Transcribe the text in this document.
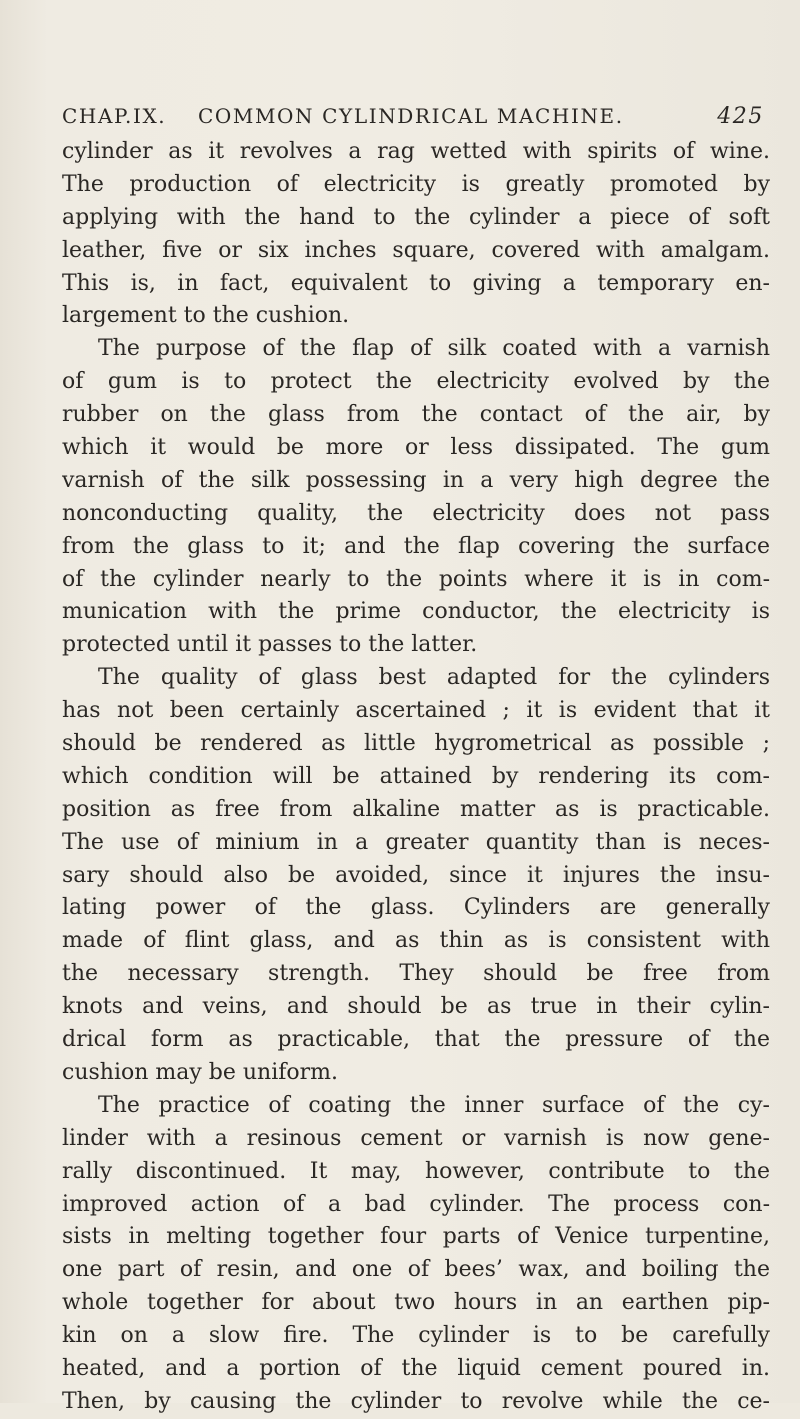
CHAP.IX. COMMON CYLINDRICAL MACHINE.	425
cylinder as it revolves a rag wetted with spirits of wine.
The production of electricity is greatly promoted by
applying with the hand to the cylinder a piece of soft
leather, five or six inches square, covered with amalgam.
This is, in fact, equivalent to giving a temporary en-
largement to the cushion.
The purpose of the flap of silk coated with a varnish
of gum is to protect the electricity evolved by the
rubber on the glass from the contact of the air, by
which it would be more or less dissipated. The gum
varnish of the silk possessing in a very high degree the
nonconducting quality, the electricity does not pass
from the glass to it; and the flap covering the surface
of the cylinder nearly to the points where it is in com-
munication with the prime conductor, the electricity is
protected until it passes to the latter.
The quality of glass best adapted for the cylinders
has not been certainly ascertained ; it is evident that it
should be rendered as little hygrometrical as possible ;
which condition will be attained by rendering its com-
position as free from alkaline matter as is practicable.
The use of minium in a greater quantity than is neces-
sary should also be avoided, since it injures the insu-
lating power of the glass. Cylinders are generally
made of flint glass, and as thin as is consistent with
the necessary strength. They should be free from
knots and veins, and should be as true in their cylin-
drical form as practicable, that the pressure of the
cushion may be uniform.
The practice of coating the inner surface of the cy-
linder with a resinous cement or varnish is now gene-
rally discontinued. It may, however, contribute to the
improved action of a bad cylinder. The process con-
sists in melting together four parts of Venice turpentine,
one part of resin, and one of bees’ wax, and boiling the
whole together for about two hours in an earthen pip-
kin on a slow fire. The cylinder is to be carefully
heated, and a portion of the liquid cement poured in.
Then, by causing the cylinder to revolve while the ce-
